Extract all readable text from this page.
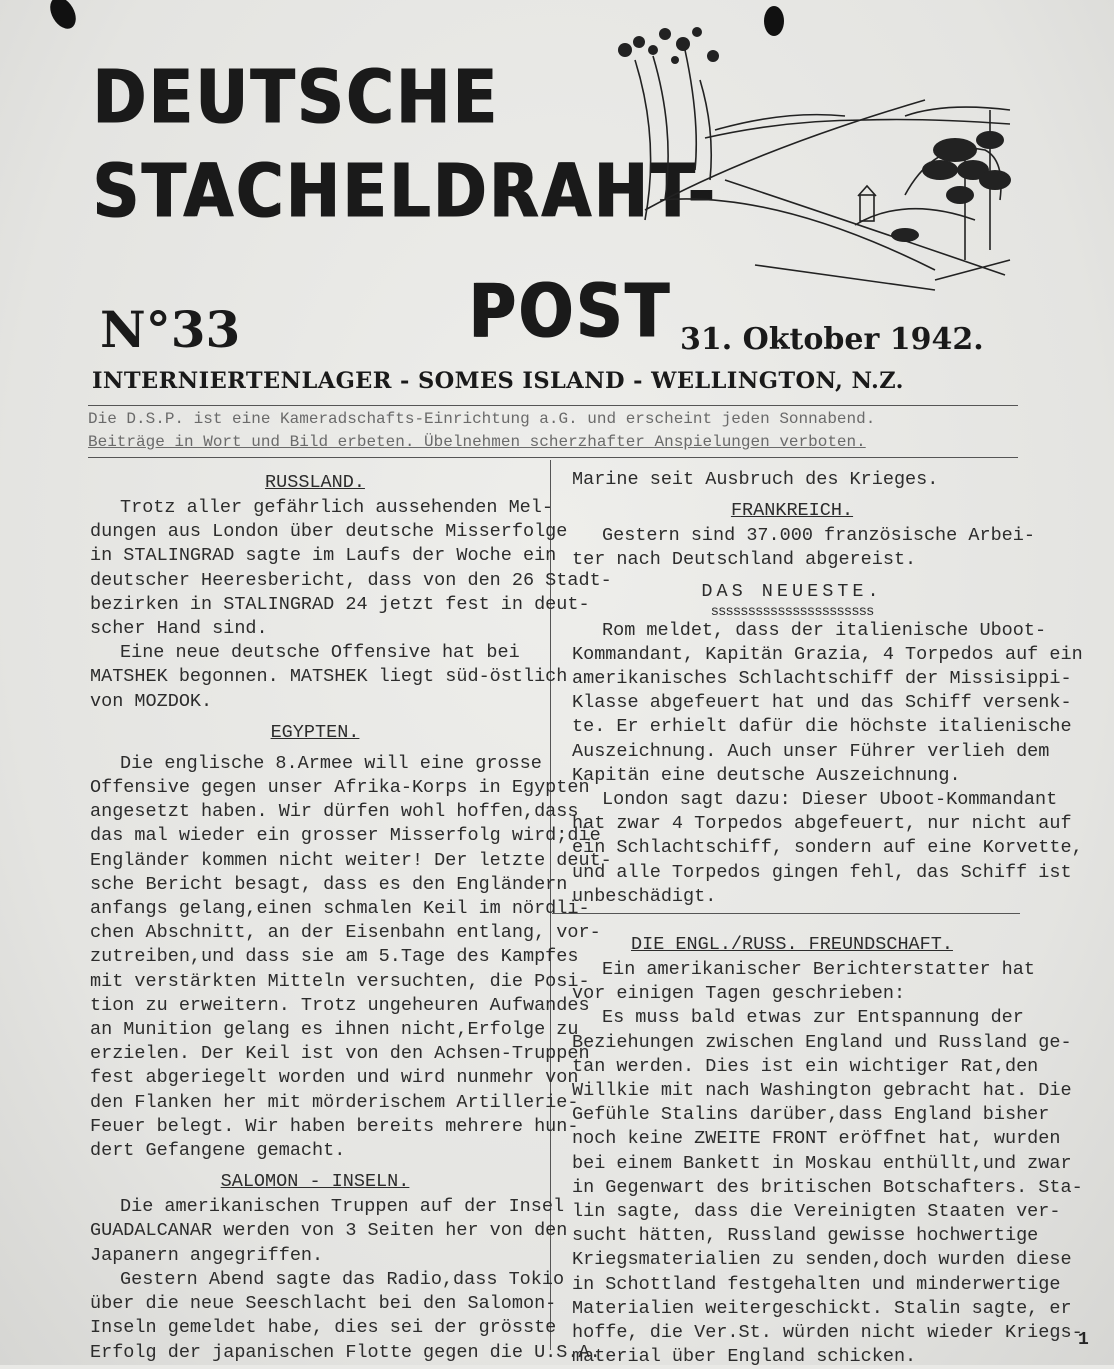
DEUTSCHE
STACHELDRAHT-
POST
N°33	31. Oktober 1942.
INTERNIERTENLAGER - SOMES ISLAND - WELLINGTON, N.Z.
Die D.S.P. ist eine Kameradschafts-Einrichtung a.G. und erscheint jeden Sonnabend.
Beiträge in Wort und Bild erbeten. Übelnehmen scherzhafter Anspielungen verboten.
RUSSLAND.

Trotz aller gefährlich aussehenden Mel-

dungen aus London über deutsche Misserfolge

in STALINGRAD sagte im Laufs der Woche ein

deutscher Heeresbericht, dass von den 26 Stadt-

bezirken in STALINGRAD 24 jetzt fest in deut-

scher Hand sind.

Eine neue deutsche Offensive hat bei

MATSHEK begonnen. MATSHEK liegt süd-östlich

von MOZDOK.

EGYPTEN.

Die englische 8.Armee will eine grosse

Offensive gegen unser Afrika-Korps in Egypten

angesetzt haben. Wir dürfen wohl hoffen,dass

das mal wieder ein grosser Misserfolg wird;die

Engländer kommen nicht weiter! Der letzte deut-

sche Bericht besagt, dass es den Engländern

anfangs gelang,einen schmalen Keil im nördli-

chen Abschnitt, an der Eisenbahn entlang, vor-

zutreiben,und dass sie am 5.Tage des Kampfes

mit verstärkten Mitteln versuchten, die Posi-

tion zu erweitern. Trotz ungeheuren Aufwandes

an Munition gelang es ihnen nicht,Erfolge zu

erzielen. Der Keil ist von den Achsen-Truppen

fest abgeriegelt worden und wird nunmehr von

den Flanken her mit mörderischem Artillerie-

Feuer belegt. Wir haben bereits mehrere hun-

dert Gefangene gemacht.

SALOMON - INSELN.

Die amerikanischen Truppen auf der Insel

GUADALCANAR werden von 3 Seiten her von den

Japanern angegriffen.

Gestern Abend sagte das Radio,dass Tokio

über die neue Seeschlacht bei den Salomon-

Inseln gemeldet habe, dies sei der grösste

Erfolg der japanischen Flotte gegen die U.S.A.

Marine seit Ausbruch des Krieges.

FRANKREICH.

Gestern sind 37.000 französische Arbei-

ter nach Deutschland abgereist.

DAS NEUESTE.
ssssssssssssssssssssss

Rom meldet, dass der italienische Uboot-

Kommandant, Kapitän Grazia, 4 Torpedos auf ein

amerikanisches Schlachtschiff der Missisippi-

Klasse abgefeuert hat und das Schiff versenk-

te. Er erhielt dafür die höchste italienische

Auszeichnung. Auch unser Führer verlieh dem

Kapitän eine deutsche Auszeichnung.

London sagt dazu: Dieser Uboot-Kommandant

hat zwar 4 Torpedos abgefeuert, nur nicht auf

ein Schlachtschiff, sondern auf eine Korvette,

und alle Torpedos gingen fehl, das Schiff ist

unbeschädigt.

DIE ENGL./RUSS. FREUNDSCHAFT.

Ein amerikanischer Berichterstatter hat

vor einigen Tagen geschrieben:

Es muss bald etwas zur Entspannung der

Beziehungen zwischen England und Russland ge-

tan werden. Dies ist ein wichtiger Rat,den

Willkie mit nach Washington gebracht hat. Die

Gefühle Stalins darüber,dass England bisher

noch keine ZWEITE FRONT eröffnet hat, wurden

bei einem Bankett in Moskau enthüllt,und zwar

in Gegenwart des britischen Botschafters. Sta-

lin sagte, dass die Vereinigten Staaten ver-

sucht hätten, Russland gewisse hochwertige

Kriegsmaterialien zu senden,doch wurden diese

in Schottland festgehalten und minderwertige

Materialien weitergeschickt. Stalin sagte, er

hoffe, die Ver.St. würden nicht wieder Kriegs-

material über England schicken.

1
